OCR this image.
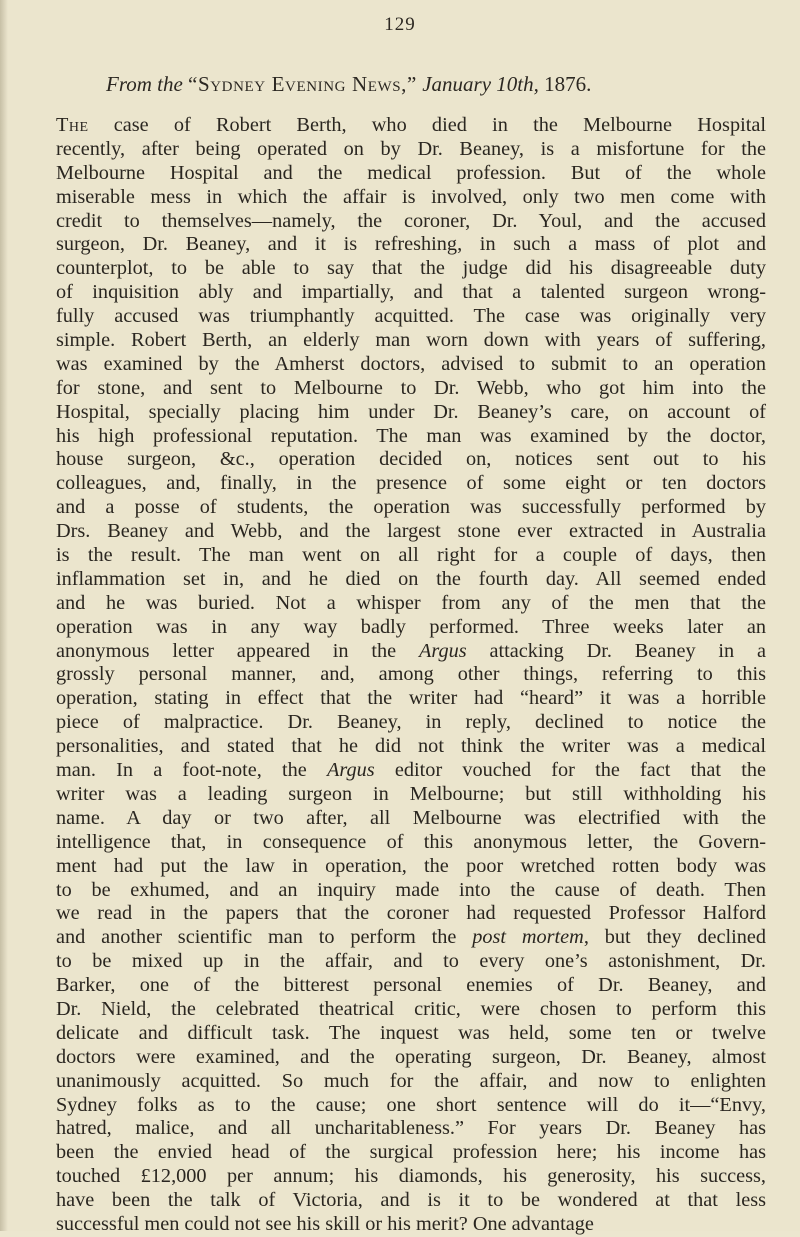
129
From the “Sydney Evening News,” January 10th, 1876.
The case of Robert Berth, who died in the Melbourne Hospital
recently, after being operated on by Dr. Beaney, is a misfortune for the
Melbourne Hospital and the medical profession. But of the whole
miserable mess in which the affair is involved, only two men come with
credit to themselves—namely, the coroner, Dr. Youl, and the accused
surgeon, Dr. Beaney, and it is refreshing, in such a mass of plot and
counterplot, to be able to say that the judge did his disagreeable duty
of inquisition ably and impartially, and that a talented surgeon wrong-
fully accused was triumphantly acquitted. The case was originally very
simple. Robert Berth, an elderly man worn down with years of suffering,
was examined by the Amherst doctors, advised to submit to an operation
for stone, and sent to Melbourne to Dr. Webb, who got him into the
Hospital, specially placing him under Dr. Beaney’s care, on account of
his high professional reputation. The man was examined by the doctor,
house surgeon, &c., operation decided on, notices sent out to his
colleagues, and, finally, in the presence of some eight or ten doctors
and a posse of students, the operation was successfully performed by
Drs. Beaney and Webb, and the largest stone ever extracted in Australia
is the result. The man went on all right for a couple of days, then
inflammation set in, and he died on the fourth day. All seemed ended
and he was buried. Not a whisper from any of the men that the
operation was in any way badly performed. Three weeks later an
anonymous letter appeared in the Argus attacking Dr. Beaney in a
grossly personal manner, and, among other things, referring to this
operation, stating in effect that the writer had “heard” it was a horrible
piece of malpractice. Dr. Beaney, in reply, declined to notice the
personalities, and stated that he did not think the writer was a medical
man. In a foot-note, the Argus editor vouched for the fact that the
writer was a leading surgeon in Melbourne; but still withholding his
name. A day or two after, all Melbourne was electrified with the
intelligence that, in consequence of this anonymous letter, the Govern-
ment had put the law in operation, the poor wretched rotten body was
to be exhumed, and an inquiry made into the cause of death. Then
we read in the papers that the coroner had requested Professor Halford
and another scientific man to perform the post mortem, but they declined
to be mixed up in the affair, and to every one’s astonishment, Dr.
Barker, one of the bitterest personal enemies of Dr. Beaney, and
Dr. Nield, the celebrated theatrical critic, were chosen to perform this
delicate and difficult task. The inquest was held, some ten or twelve
doctors were examined, and the operating surgeon, Dr. Beaney, almost
unanimously acquitted. So much for the affair, and now to enlighten
Sydney folks as to the cause; one short sentence will do it—“Envy,
hatred, malice, and all uncharitableness.” For years Dr. Beaney has
been the envied head of the surgical profession here; his income has
touched £12,000 per annum; his diamonds, his generosity, his success,
have been the talk of Victoria, and is it to be wondered at that less
successful men could not see his skill or his merit? One advantage
